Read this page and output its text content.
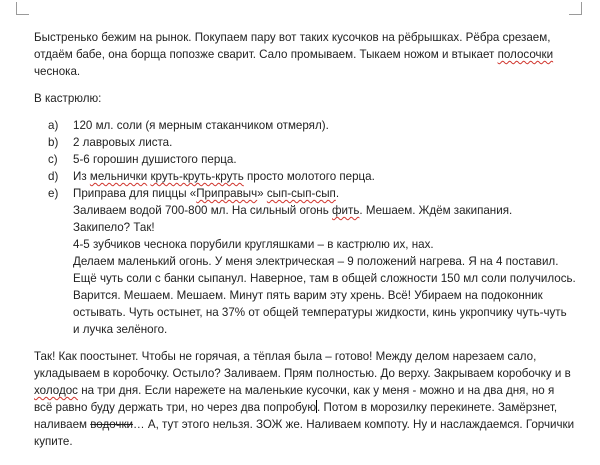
Быстренько бежим на рынок. Покупаем пару вот таких кусочков на рёбрышках. Рёбра срезаем,
отдаём бабе, она борща попозже сварит. Сало промываем. Тыкаем ножом и втыкает полосочки
чеснока.

В кастрюлю:

a) 120 мл. соли (я мерным стаканчиком отмерял).
b) 2 лавровых листа.
c) 5-6 горошин душистого перца.
d) Из мельнички круть-круть-круть просто молотого перца.
e) Приправа для пиццы «Приправыч» сып-сып-сып.
Заливаем водой 700-800 мл. На сильный огонь фить. Мешаем. Ждём закипания.
Закипело? Так!
4-5 зубчиков чеснока порубили кругляшками – в кастрюлю их, нах.
Делаем маленький огонь. У меня электрическая – 9 положений нагрева. Я на 4 поставил.
Ещё чуть соли с банки сыпанул. Наверное, там в общей сложности 150 мл соли получилось.
Варится. Мешаем. Мешаем. Минут пять варим эту хрень. Всё! Убираем на подоконник
остывать. Чуть остынет, на 37% от общей температуры жидкости, кинь укропчику чуть-чуть
и лучка зелёного.

Так! Как поостынет. Чтобы не горячая, а тёплая была – готово! Между делом нарезаем сало,
укладываем в коробочку. Остыло? Заливаем. Прям полностью. До верху. Закрываем коробочку и в
холодос на три дня. Если нарежете на маленькие кусочки, как у меня - можно и на два дня, но я
всё равно буду держать три, но через два попробую. Потом в морозилку перекинете. Замёрзнет,
наливаем водочки… А, тут этого нельзя. ЗОЖ же. Наливаем компоту. Ну и наслаждаемся. Горчички
купите.
